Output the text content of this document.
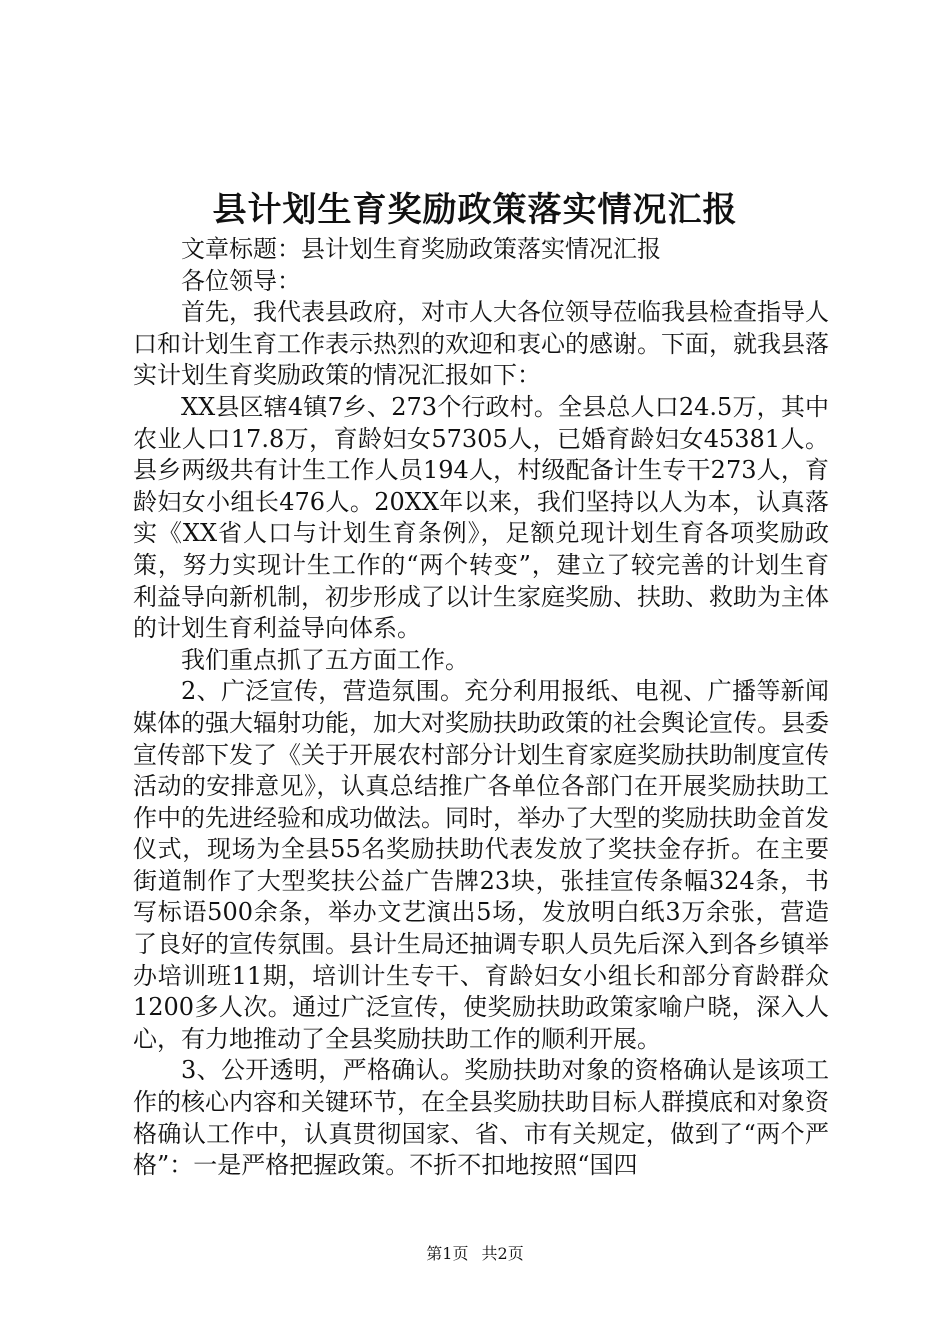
县计划生育奖励政策落实情况汇报

文章标题：县计划生育奖励政策落实情况汇报

各位领导：

首先，我代表县政府，对市人大各位领导莅临我县检查指导人口和计划生育工作表示热烈的欢迎和衷心的感谢。下面，就我县落实计划生育奖励政策的情况汇报如下：

XX县区辖4镇7乡、273个行政村。全县总人口24.5万，其中农业人口17.8万，育龄妇女57305人，已婚育龄妇女45381人。县乡两级共有计生工作人员194人，村级配备计生专干273人，育龄妇女小组长476人。20XX年以来，我们坚持以人为本，认真落实《XX省人口与计划生育条例》，足额兑现计划生育各项奖励政策，努力实现计生工作的“两个转变”，建立了较完善的计划生育利益导向新机制，初步形成了以计生家庭奖励、扶助、救助为主体的计划生育利益导向体系。

我们重点抓了五方面工作。

2、广泛宣传，营造氛围。充分利用报纸、电视、广播等新闻媒体的强大辐射功能，加大对奖励扶助政策的社会舆论宣传。县委宣传部下发了《关于开展农村部分计划生育家庭奖励扶助制度宣传活动的安排意见》，认真总结推广各单位各部门在开展奖励扶助工作中的先进经验和成功做法。同时，举办了大型的奖励扶助金首发仪式，现场为全县55名奖励扶助代表发放了奖扶金存折。在主要街道制作了大型奖扶公益广告牌23块，张挂宣传条幅324条，书写标语500余条，举办文艺演出5场，发放明白纸3万余张，营造了良好的宣传氛围。县计生局还抽调专职人员先后深入到各乡镇举办培训班11期，培训计生专干、育龄妇女小组长和部分育龄群众1200多人次。通过广泛宣传，使奖励扶助政策家喻户晓，深入人心，有力地推动了全县奖励扶助工作的顺利开展。

3、公开透明，严格确认。奖励扶助对象的资格确认是该项工作的核心内容和关键环节，在全县奖励扶助目标人群摸底和对象资格确认工作中，认真贯彻国家、省、市有关规定，做到了“两个严格”：一是严格把握政策。不折不扣地按照“国四

第1页 共2页
